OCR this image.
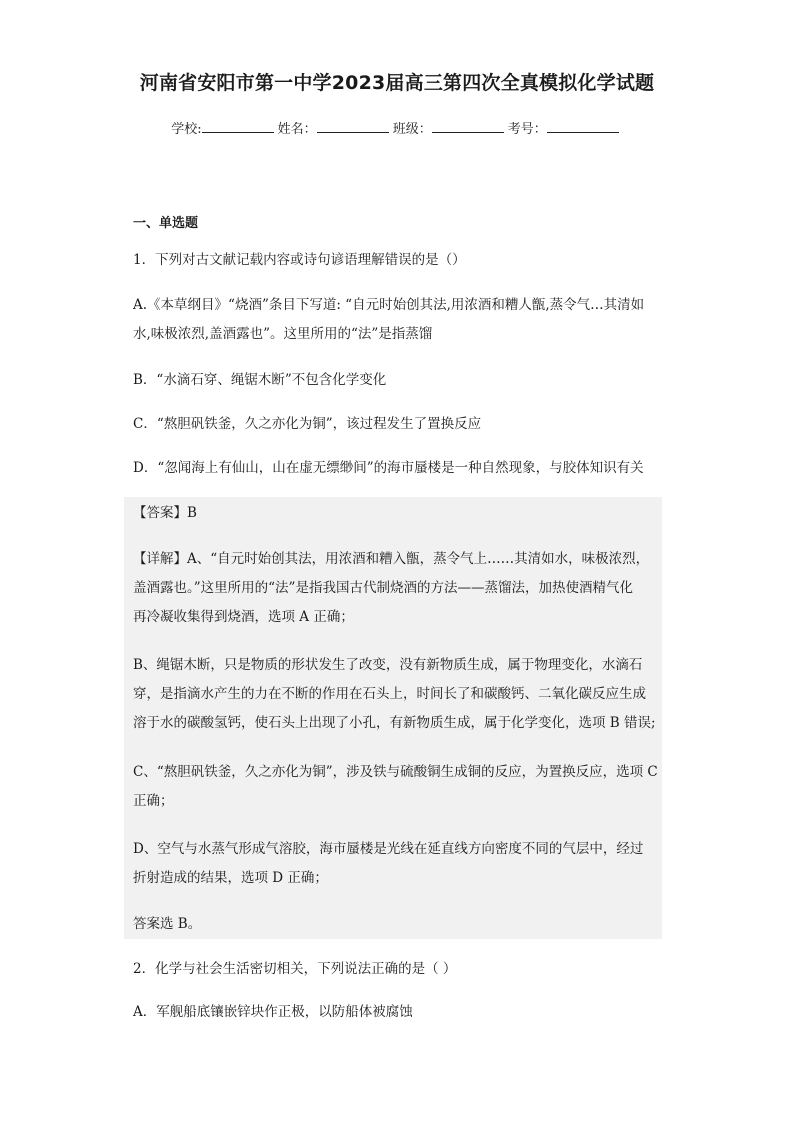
河南省安阳市第一中学2023届高三第四次全真模拟化学试题
学校:	姓名：	班级：	考号：
一、单选题
1．下列对古文献记载内容或诗句谚语理解错误的是（）
A.《本草纲目》“烧酒”条目下写道: “自元时始创其法,用浓酒和糟人甑,蒸令气…其清如
水,味极浓烈,盖酒露也”。这里所用的“法”是指蒸馏
B．“水滴石穿、绳锯木断”不包含化学变化
C．“熬胆矾铁釜，久之亦化为铜”，该过程发生了置换反应
D．“忽闻海上有仙山，山在虚无缥缈间”的海市蜃楼是一种自然现象，与胶体知识有关
【答案】B
【详解】A、“自元时始创其法，用浓酒和糟入甑，蒸令气上……其清如水，味极浓烈，
盖酒露也。”这里所用的“法”是指我国古代制烧酒的方法——蒸馏法，加热使酒精气化
再冷凝收集得到烧酒，选项 A 正确；
B、绳锯木断，只是物质的形状发生了改变，没有新物质生成，属于物理变化，水滴石
穿，是指滴水产生的力在不断的作用在石头上，时间长了和碳酸钙、二氧化碳反应生成
溶于水的碳酸氢钙，使石头上出现了小孔，有新物质生成，属于化学变化，选项 B 错误;
C、“熬胆矾铁釜，久之亦化为铜”，涉及铁与硫酸铜生成铜的反应，为置换反应，选项 C
正确；
D、空气与水蒸气形成气溶胶，海市蜃楼是光线在延直线方向密度不同的气层中，经过
折射造成的结果，选项 D 正确；
答案选 B。
2．化学与社会生活密切相关，下列说法正确的是（ ）
A．军舰船底镶嵌锌块作正极，以防船体被腐蚀
